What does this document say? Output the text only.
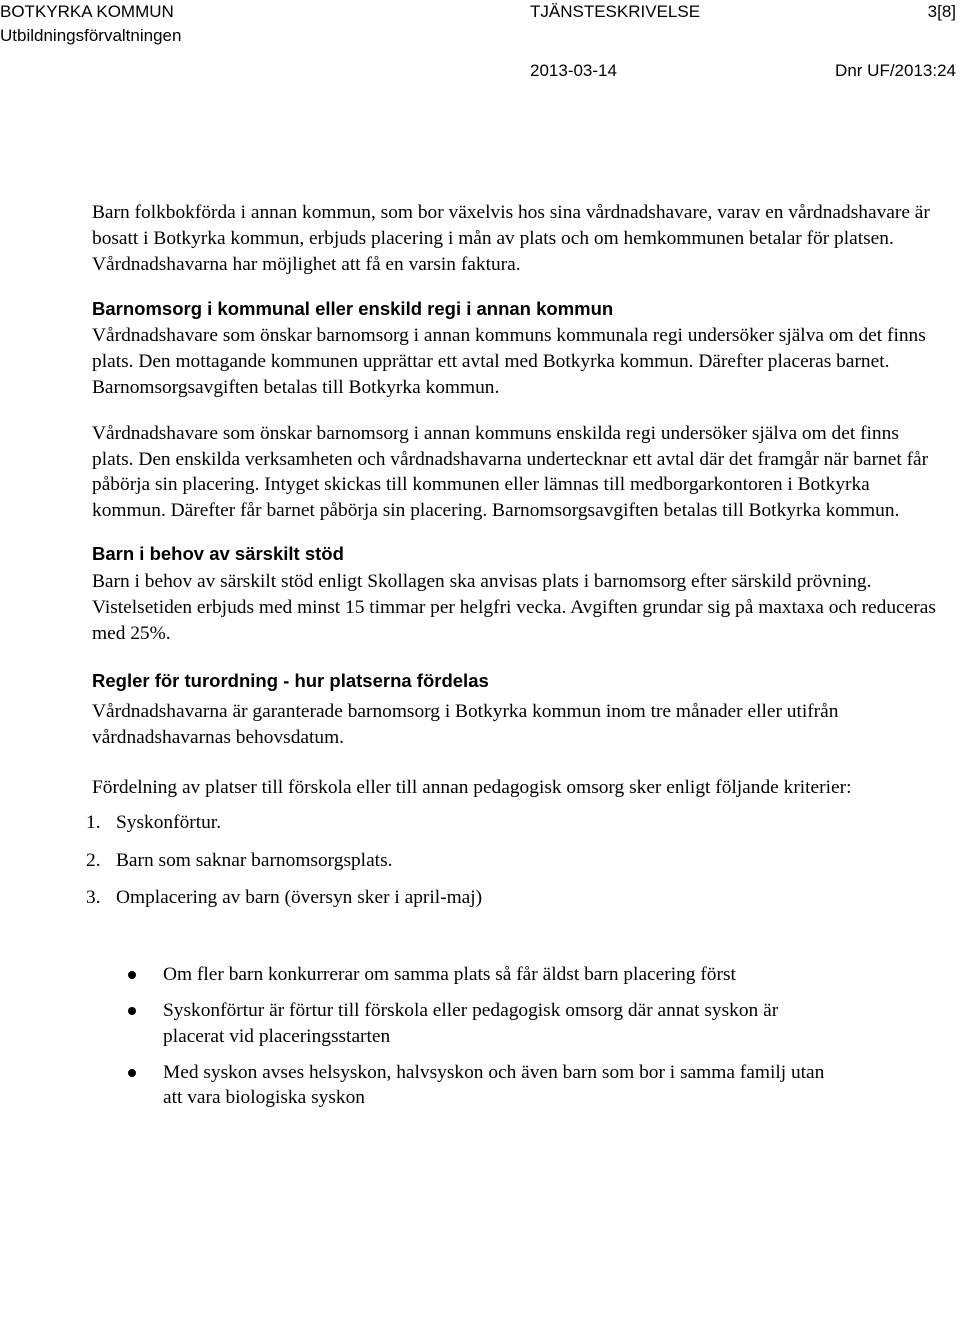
BOTKYRKA KOMMUN
Utbildningsförvaltningen
TJÄNSTESKRIVELSE	3[8]
2013-03-14	Dnr UF/2013:24

Barn folkbokförda i annan kommun, som bor växelvis hos sina vårdnadshavare, varav en vårdnadshavare är bosatt i Botkyrka kommun, erbjuds placering i mån av plats och om hemkommunen betalar för platsen. Vårdnadshavarna har möjlighet att få en varsin faktura.

Barnomsorg i kommunal eller enskild regi i annan kommun

Vårdnadshavare som önskar barnomsorg i annan kommuns kommunala regi undersöker själva om det finns plats. Den mottagande kommunen upprättar ett avtal med Botkyrka kommun. Därefter placeras barnet. Barnomsorgsavgiften betalas till Botkyrka kommun.

Vårdnadshavare som önskar barnomsorg i annan kommuns enskilda regi undersöker själva om det finns plats. Den enskilda verksamheten och vårdnadshavarna undertecknar ett avtal där det framgår när barnet får påbörja sin placering. Intyget skickas till kommunen eller lämnas till medborgarkontoren i Botkyrka kommun. Därefter får barnet påbörja sin placering. Barnomsorgsavgiften betalas till Botkyrka kommun.

Barn i behov av särskilt stöd

Barn i behov av särskilt stöd enligt Skollagen ska anvisas plats i barnomsorg efter särskild prövning. Vistelsetiden erbjuds med minst 15 timmar per helgfri vecka. Avgiften grundar sig på maxtaxa och reduceras med 25%.

Regler för turordning - hur platserna fördelas

Vårdnadshavarna är garanterade barnomsorg i Botkyrka kommun inom tre månader eller utifrån vårdnadshavarnas behovsdatum.

Fördelning av platser till förskola eller till annan pedagogisk omsorg sker enligt följande kriterier:

1. Syskonförtur.
2. Barn som saknar barnomsorgsplats.
3. Omplacering av barn (översyn sker i april-maj)
Om fler barn konkurrerar om samma plats så får äldst barn placering först
Syskonförtur är förtur till förskola eller pedagogisk omsorg där annat syskon är placerat vid placeringsstarten
Med syskon avses helsyskon, halvsyskon och även barn som bor i samma familj utan att vara biologiska syskon
